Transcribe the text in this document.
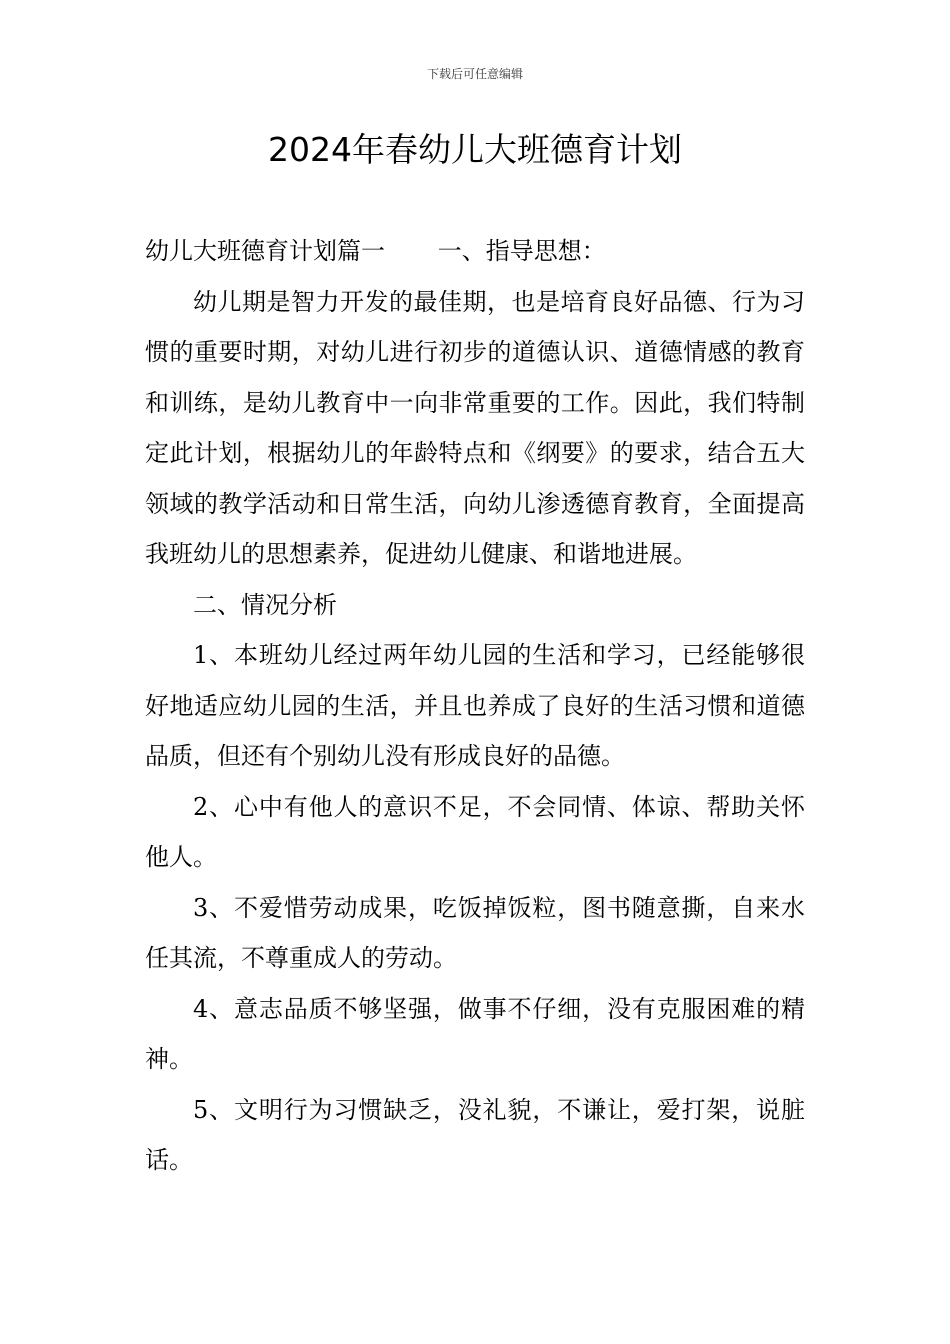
下载后可任意编辑
2024年春幼儿大班德育计划

幼儿大班德育计划篇一 一、指导思想：

幼儿期是智力开发的最佳期，也是培育良好品德、行为习惯的重要时期，对幼儿进行初步的道德认识、道德情感的教育和训练，是幼儿教育中一向非常重要的工作。因此，我们特制定此计划，根据幼儿的年龄特点和《纲要》的要求，结合五大领域的教学活动和日常生活，向幼儿渗透德育教育，全面提高我班幼儿的思想素养，促进幼儿健康、和谐地进展。

二、情况分析

1、本班幼儿经过两年幼儿园的生活和学习，已经能够很好地适应幼儿园的生活，并且也养成了良好的生活习惯和道德品质，但还有个别幼儿没有形成良好的品德。

2、心中有他人的意识不足，不会同情、体谅、帮助关怀他人。

3、不爱惜劳动成果，吃饭掉饭粒，图书随意撕，自来水任其流，不尊重成人的劳动。

4、意志品质不够坚强，做事不仔细，没有克服困难的精神。

5、文明行为习惯缺乏，没礼貌，不谦让，爱打架，说脏话。
